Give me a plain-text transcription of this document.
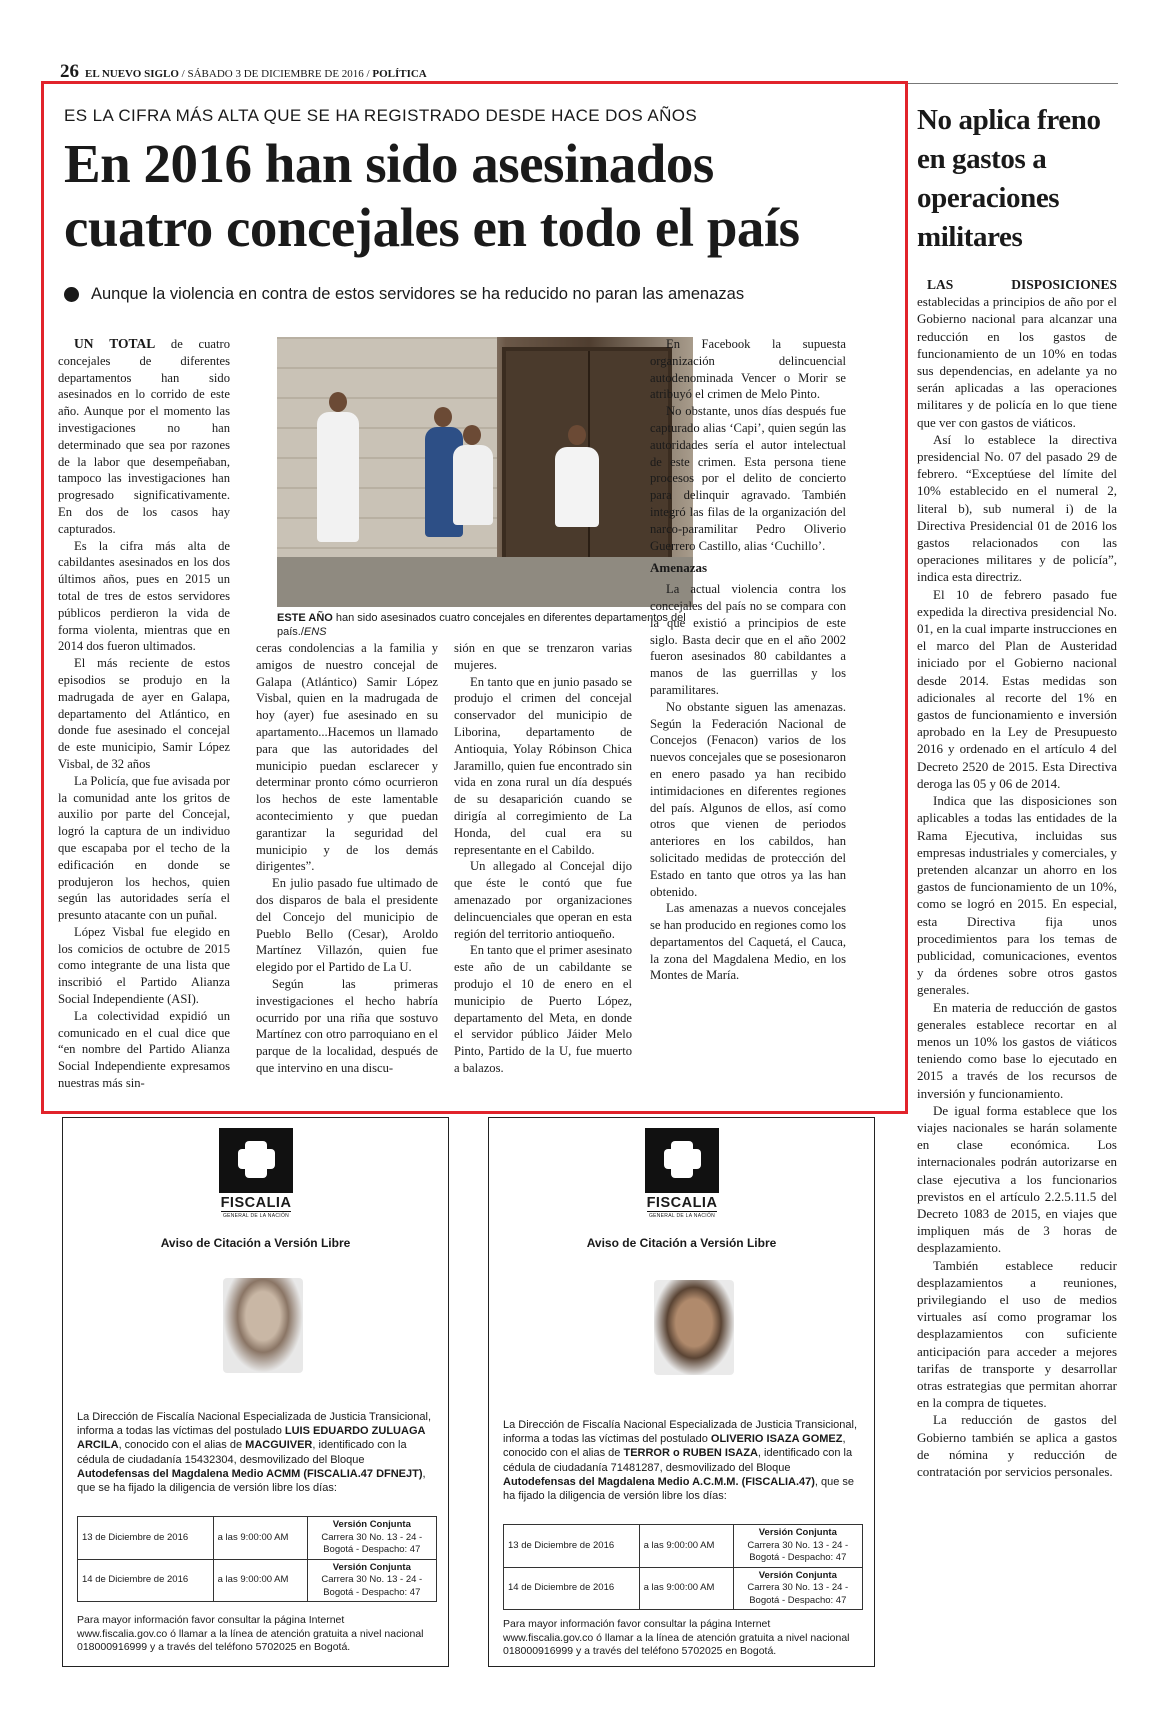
26 EL NUEVO SIGLO / SÁBADO 3 DE DICIEMBRE DE 2016 / POLÍTICA
ES LA CIFRA MÁS ALTA QUE SE HA REGISTRADO DESDE HACE DOS AÑOS
En 2016 han sido asesinados
cuatro concejales en todo el país
Aunque la violencia en contra de estos servidores se ha reducido no paran las amenazas

UN TOTAL de cuatro concejales de diferentes departamentos han sido asesinados en lo corrido de este año. Aunque por el momento las investigaciones no han determinado que sea por razones de la labor que desempeñaban, tampoco las investigaciones han progresado significativamente. En dos de los casos hay capturados.

Es la cifra más alta de cabildantes asesinados en los dos últimos años, pues en 2015 un total de tres de estos servidores públicos perdieron la vida de forma violenta, mientras que en 2014 dos fueron ultimados.

El más reciente de estos episodios se produjo en la madrugada de ayer en Galapa, departamento del Atlántico, en donde fue asesinado el concejal de este municipio, Samir López Visbal, de 32 años

La Policía, que fue avisada por la comunidad ante los gritos de auxilio por parte del Concejal, logró la captura de un individuo que escapaba por el techo de la edificación en donde se produjeron los hechos, quien según las autoridades sería el presunto atacante con un puñal.

López Visbal fue elegido en los comicios de octubre de 2015 como integrante de una lista que inscribió el Partido Alianza Social Independiente (ASI).

La colectividad expidió un comunicado en el cual dice que “en nombre del Partido Alianza Social Independiente expresamos nuestras más sin-

ESTE AÑO han sido asesinados cuatro concejales en diferentes departamentos del país./ENS

ceras condolencias a la familia y amigos de nuestro concejal de Galapa (Atlántico) Samir López Visbal, quien en la madrugada de hoy (ayer) fue asesinado en su apartamento...Hacemos un llamado para que las autoridades del municipio puedan esclarecer y determinar pronto cómo ocurrieron los hechos de este lamentable acontecimiento y que puedan garantizar la seguridad del municipio y de los demás dirigentes”.

En julio pasado fue ultimado de dos disparos de bala el presidente del Concejo del municipio de Pueblo Bello (Cesar), Aroldo Martínez Villazón, quien fue elegido por el Partido de La U.

Según las primeras investigaciones el hecho habría ocurrido por una riña que sostuvo Martínez con otro parroquiano en el parque de la localidad, después de que intervino en una discu-

sión en que se trenzaron varias mujeres.

En tanto que en junio pasado se produjo el crimen del concejal conservador del municipio de Liborina, departamento de Antioquia, Yolay Róbinson Chica Jaramillo, quien fue encontrado sin vida en zona rural un día después de su desaparición cuando se dirigía al corregimiento de La Honda, del cual era su representante en el Cabildo.

Un allegado al Concejal dijo que éste le contó que fue amenazado por organizaciones delincuenciales que operan en esta región del territorio antioqueño.

En tanto que el primer asesinato este año de un cabildante se produjo el 10 de enero en el municipio de Puerto López, departamento del Meta, en donde el servidor público Jáider Melo Pinto, Partido de la U, fue muerto a balazos.

En Facebook la supuesta organización delincuencial autodenominada Vencer o Morir se atribuyó el crimen de Melo Pinto.

No obstante, unos días después fue capturado alias ‘Capi’, quien según las autoridades sería el autor intelectual de este crimen. Esta persona tiene procesos por el delito de concierto para delinquir agravado. También integró las filas de la organización del narco-paramilitar Pedro Oliverio Guerrero Castillo, alias ‘Cuchillo’.

Amenazas

La actual violencia contra los concejales del país no se compara con la que existió a principios de este siglo. Basta decir que en el año 2002 fueron asesinados 80 cabildantes a manos de las guerrillas y los paramilitares.

No obstante siguen las amenazas. Según la Federación Nacional de Concejos (Fenacon) varios de los nuevos concejales que se posesionaron en enero pasado ya han recibido intimidaciones en diferentes regiones del país. Algunos de ellos, así como otros que vienen de periodos anteriores en los cabildos, han solicitado medidas de protección del Estado en tanto que otros ya las han obtenido.

Las amenazas a nuevos concejales se han producido en regiones como los departamentos del Caquetá, el Cauca, la zona del Magdalena Medio, en los Montes de María.

No aplica freno en gastos a operaciones militares

LAS DISPOSICIONES establecidas a principios de año por el Gobierno nacional para alcanzar una reducción en los gastos de funcionamiento de un 10% en todas sus dependencias, en adelante ya no serán aplicadas a las operaciones militares y de policía en lo que tiene que ver con gastos de viáticos.

Así lo establece la directiva presidencial No. 07 del pasado 29 de febrero. “Exceptúese del límite del 10% establecido en el numeral 2, literal b), sub numeral i) de la Directiva Presidencial 01 de 2016 los gastos relacionados con las operaciones militares y de policía”, indica esta directriz.

El 10 de febrero pasado fue expedida la directiva presidencial No. 01, en la cual imparte instrucciones en el marco del Plan de Austeridad iniciado por el Gobierno nacional desde 2014. Estas medidas son adicionales al recorte del 1% en gastos de funcionamiento e inversión aprobado en la Ley de Presupuesto 2016 y ordenado en el artículo 4 del Decreto 2520 de 2015. Esta Directiva deroga las 05 y 06 de 2014.

Indica que las disposiciones son aplicables a todas las entidades de la Rama Ejecutiva, incluidas sus empresas industriales y comerciales, y pretenden alcanzar un ahorro en los gastos de funcionamiento de un 10%, como se logró en 2015. En especial, esta Directiva fija unos procedimientos para los temas de publicidad, comunicaciones, eventos y da órdenes sobre otros gastos generales.

En materia de reducción de gastos generales establece recortar en al menos un 10% los gastos de viáticos teniendo como base lo ejecutado en 2015 a través de los recursos de inversión y funcionamiento.

De igual forma establece que los viajes nacionales se harán solamente en clase económica. Los internacionales podrán autorizarse en clase ejecutiva a los funcionarios previstos en el artículo 2.2.5.11.5 del Decreto 1083 de 2015, en viajes que impliquen más de 3 horas de desplazamiento.

También establece reducir desplazamientos a reuniones, privilegiando el uso de medios virtuales así como programar los desplazamientos con suficiente anticipación para acceder a mejores tarifas de transporte y desarrollar otras estrategias que permitan ahorrar en la compra de tiquetes.

La reducción de gastos del Gobierno también se aplica a gastos de nómina y reducción de contratación por servicios personales.

FISCALIA
GENERAL DE LA NACIÓN
Aviso de Citación a Versión Libre
La Dirección de Fiscalía Nacional Especializada de Justicia Transicional, informa a todas las víctimas del postulado LUIS EDUARDO ZULUAGA ARCILA, conocido con el alias de MACGUIVER, identificado con la cédula de ciudadanía 15432304, desmovilizado del Bloque Autodefensas del Magdalena Medio ACMM (FISCALIA.47 DFNEJT), que se ha fijado la diligencia de versión libre los días:
13 de Diciembre de 2016	a las 9:00:00 AM	Versión Conjunta
Carrera 30 No. 13 - 24 -
Bogotá - Despacho: 47
14 de Diciembre de 2016	a las 9:00:00 AM	Versión Conjunta
Carrera 30 No. 13 - 24 -
Bogotá - Despacho: 47
Para mayor información favor consultar la página Internet www.fiscalia.gov.co ó llamar a la línea de atención gratuita a nivel nacional 018000916999 y a través del teléfono 5702025 en Bogotá.
FISCALIA
GENERAL DE LA NACIÓN
Aviso de Citación a Versión Libre
La Dirección de Fiscalía Nacional Especializada de Justicia Transicional, informa a todas las víctimas del postulado OLIVERIO ISAZA GOMEZ, conocido con el alias de TERROR o RUBEN ISAZA, identificado con la cédula de ciudadanía 71481287, desmovilizado del Bloque Autodefensas del Magdalena Medio A.C.M.M. (FISCALIA.47), que se ha fijado la diligencia de versión libre los días:
13 de Diciembre de 2016	a las 9:00:00 AM	Versión Conjunta
Carrera 30 No. 13 - 24 -
Bogotá - Despacho: 47
14 de Diciembre de 2016	a las 9:00:00 AM	Versión Conjunta
Carrera 30 No. 13 - 24 -
Bogotá - Despacho: 47
Para mayor información favor consultar la página Internet www.fiscalia.gov.co ó llamar a la línea de atención gratuita a nivel nacional 018000916999 y a través del teléfono 5702025 en Bogotá.
